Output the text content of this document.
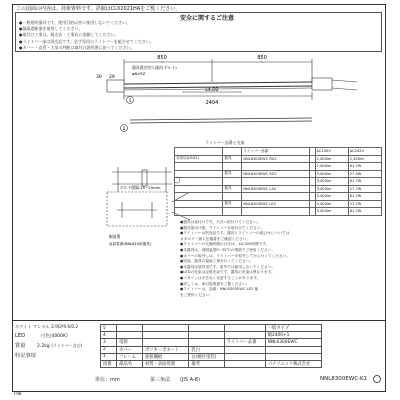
この図面の内容は、技術資料です。詳細はCLX2021HAをご覧ください。
安全に関するご注意
●一般照明器具です。使用目的以外に使用しないでください。
●漏電遮断器を使用してください。
●取付け工事は、販売店・工事店に依頼してください。
●ライトバー部は別売品です。必ず専用のライトバーを組合せてください。
●カバー・直管・大気の判断は取付け説明書に従ってください。
850	850
29
30
2404
L4,D2
1
2
器具固定用穴(取付ボルト)
φ6×RZ
ボルト間隔:15~25mm
断面図
直結電源(NNL615用器具)
ライトバー品番と光束
		ライトバー品番		AC100V	AC242V
非常用(LED2)	器具	NNL6300EWC RX2		2,400lm	2,400lm
				2,400lm	61.7W
	器具	NNL6300EWC RZ2		3,400lm	27.4W
				3,400lm	81.7W
	器具	NNL6300EWC LA2		3,400lm	27.7W
				3,400lm	81.7W
	器具	NNL6300EWC LE2		3,400lm	27.7W
				3,400lm	81.7W
●器具は直付けです。天井へ取付けてください。
●器具取付け後、ライトバーを取付けてください。
●ライトバーは別売品です。器具とライトバーの組合せについては
カタログ・納入仕様書をご確認ください。
●ライトバーの交換時期の目安は、40,000時間です。
●本器具は、周囲温度0~35℃の環境でご使用ください。
●カバーの取外しは、ライトバーを取外してから行ってください。
●別途、器具の接地工事を行ってください。
●本器具は屋内用です。屋外では使用しないでください。
●LEDの光束は定格光束です。器具の光束は異なります。
●パターンは予告なく変更することがあります。
●詳しくは、取付説明書をご覧ください。
●ライトバーは、品番：NNL6300EWC LE2 他
をご使用ください。
ホワイト マンセル 2.9GY9.6/0.2
LED	白色(4000K)
質量	2.2kg (ライトバー含む)
特記事項
5					一般タイプ
4					幅2400+1
3	電源			ライトバー品番	NNL6300EWC
2	カバー	ポリカーボネート	乳白		
1	フレーム	亜鉛鋼板	白(焼付塗装)		
図番	部品名	材質・表面処理	備考		パナソニック株式会社
単位：mm	第三角法 (JIS A-8)	NNL8300EWC-K1
F98
